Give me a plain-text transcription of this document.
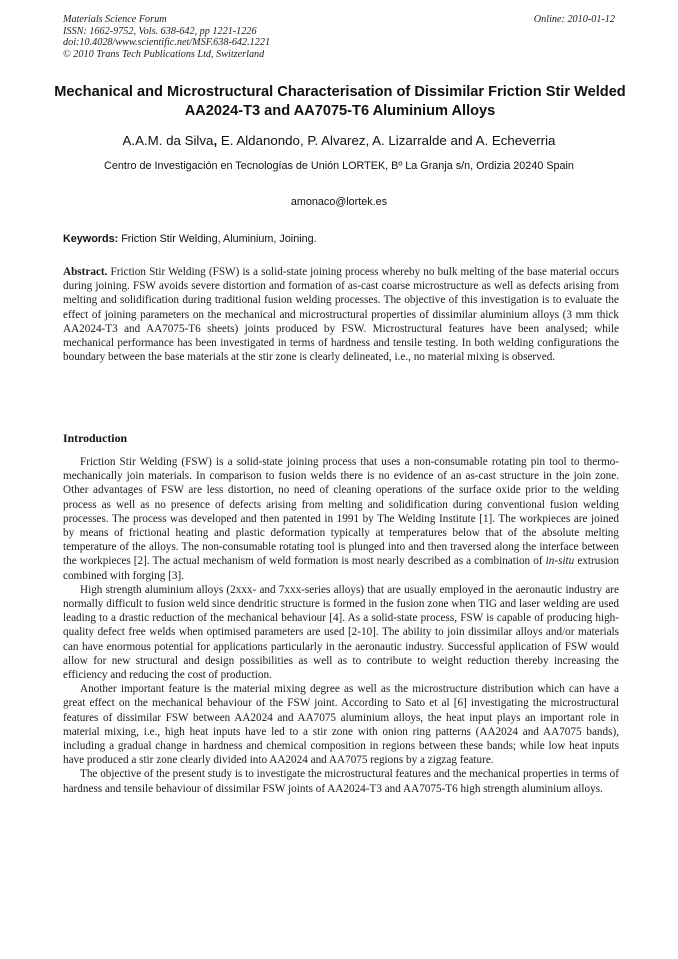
Materials Science Forum
ISSN: 1662-9752, Vols. 638-642, pp 1221-1226
doi:10.4028/www.scientific.net/MSF.638-642.1221
© 2010 Trans Tech Publications Ltd, Switzerland
Online: 2010-01-12
Mechanical and Microstructural Characterisation of Dissimilar Friction Stir Welded AA2024-T3 and AA7075-T6 Aluminium Alloys
A.A.M. da Silva, E. Aldanondo, P. Alvarez, A. Lizarralde and A. Echeverria
Centro de Investigación en Tecnologías de Unión LORTEK, Bº La Granja s/n, Ordizia 20240 Spain
amonaco@lortek.es
Keywords: Friction Stir Welding, Aluminium, Joining.

Abstract. Friction Stir Welding (FSW) is a solid-state joining process whereby no bulk melting of the base material occurs during joining. FSW avoids severe distortion and formation of as-cast coarse microstructure as well as defects arising from melting and solidification during traditional fusion welding processes. The objective of this investigation is to evaluate the effect of joining parameters on the mechanical and microstructural properties of dissimilar aluminium alloys (3 mm thick AA2024-T3 and AA7075-T6 sheets) joints produced by FSW. Microstructural features have been analysed; while mechanical performance has been investigated in terms of hardness and tensile testing. In both welding configurations the boundary between the base materials at the stir zone is clearly delineated, i.e., no material mixing is observed.

Introduction

Friction Stir Welding (FSW) is a solid-state joining process that uses a non-consumable rotating pin tool to thermo-mechanically join materials. In comparison to fusion welds there is no evidence of an as-cast structure in the join zone. Other advantages of FSW are less distortion, no need of cleaning operations of the surface oxide prior to the welding process as well as no presence of defects arising from melting and solidification during conventional fusion welding processes. The process was developed and then patented in 1991 by The Welding Institute [1]. The workpieces are joined by means of frictional heating and plastic deformation typically at temperatures below that of the absolute melting temperature of the alloys. The non-consumable rotating tool is plunged into and then traversed along the interface between the workpieces [2]. The actual mechanism of weld formation is most nearly described as a combination of in-situ extrusion combined with forging [3].

High strength aluminium alloys (2xxx- and 7xxx-series alloys) that are usually employed in the aeronautic industry are normally difficult to fusion weld since dendritic structure is formed in the fusion zone when TIG and laser welding are used leading to a drastic reduction of the mechanical behaviour [4]. As a solid-state process, FSW is capable of producing high-quality defect free welds when optimised parameters are used [2-10]. The ability to join dissimilar alloys and/or materials can have enormous potential for applications particularly in the aeronautic industry. Successful application of FSW would allow for new structural and design possibilities as well as to contribute to weight reduction thereby increasing the efficiency and reducing the cost of production.

Another important feature is the material mixing degree as well as the microstructure distribution which can have a great effect on the mechanical behaviour of the FSW joint. According to Sato et al [6] investigating the microstructural features of dissimilar FSW between AA2024 and AA7075 aluminium alloys, the heat input plays an important role in material mixing, i.e., high heat inputs have led to a stir zone with onion ring patterns (AA2024 and AA7075 bands), including a gradual change in hardness and chemical composition in regions between these bands; while low heat inputs have produced a stir zone clearly divided into AA2024 and AA7075 regions by a zigzag feature.

The objective of the present study is to investigate the microstructural features and the mechanical properties in terms of hardness and tensile behaviour of dissimilar FSW joints of AA2024-T3 and AA7075-T6 high strength aluminium alloys.
